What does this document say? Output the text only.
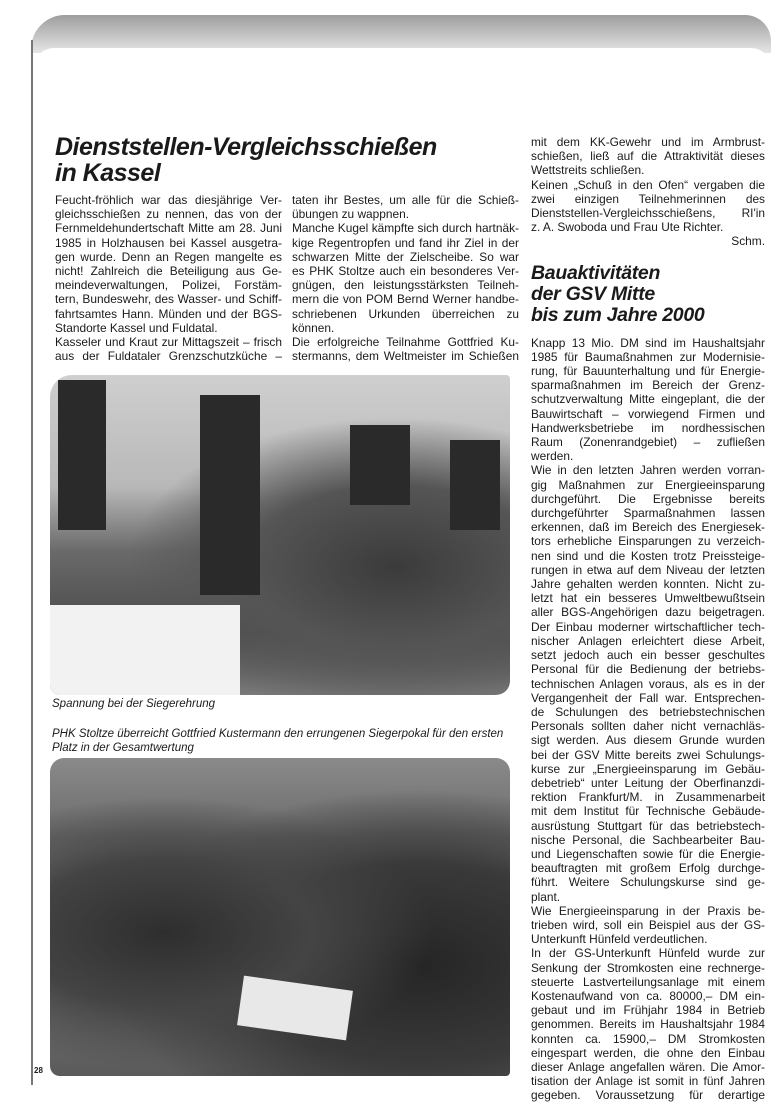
Dienststellen-Vergleichsschießen
in Kassel
Feucht-fröhlich war das diesjährige Ver-
gleichsschießen zu nennen, das von der
Fernmeldehundertschaft Mitte am 28. Juni
1985 in Holzhausen bei Kassel ausgetra-
gen wurde. Denn an Regen mangelte es
nicht! Zahlreich die Beteiligung aus Ge-
meindeverwaltungen, Polizei, Forstäm-
tern, Bundeswehr, des Wasser- und Schiff-
fahrtsamtes Hann. Münden und der BGS-
Standorte Kassel und Fuldatal.
Kasseler und Kraut zur Mittagszeit – frisch
aus der Fuldataler Grenzschutzküche –
taten ihr Bestes, um alle für die Schieß-
übungen zu wappnen.
Manche Kugel kämpfte sich durch hartnäk-
kige Regentropfen und fand ihr Ziel in der
schwarzen Mitte der Zielscheibe. So war
es PHK Stoltze auch ein besonderes Ver-
gnügen, den leistungsstärksten Teilneh-
mern die von POM Bernd Werner handbe-
schriebenen Urkunden überreichen zu
können.
Die erfolgreiche Teilnahme Gottfried Ku-
stermanns, dem Weltmeister im Schießen
mit dem KK-Gewehr und im Armbrust-
schießen, ließ auf die Attraktivität dieses
Wettstreits schließen.
Keinen „Schuß in den Ofen“ vergaben die
zwei einzigen Teilnehmerinnen des
Dienststellen-Vergleichsschießens, RI'in
z. A. Swoboda und Frau Ute Richter.
Schm.
Bauaktivitäten
der GSV Mitte
bis zum Jahre 2000
Knapp 13 Mio. DM sind im Haushaltsjahr
1985 für Baumaßnahmen zur Modernisie-
rung, für Bauunterhaltung und für Energie-
sparmaßnahmen im Bereich der Grenz-
schutzverwaltung Mitte eingeplant, die der
Bauwirtschaft – vorwiegend Firmen und
Handwerksbetriebe im nordhessischen
Raum (Zonenrandgebiet) – zufließen
werden.
Wie in den letzten Jahren werden vorran-
gig Maßnahmen zur Energieeinsparung
durchgeführt. Die Ergebnisse bereits
durchgeführter Sparmaßnahmen lassen
erkennen, daß im Bereich des Energiesek-
tors erhebliche Einsparungen zu verzeich-
nen sind und die Kosten trotz Preissteige-
rungen in etwa auf dem Niveau der letzten
Jahre gehalten werden konnten. Nicht zu-
letzt hat ein besseres Umweltbewußtsein
aller BGS-Angehörigen dazu beigetragen.
Der Einbau moderner wirtschaftlicher tech-
nischer Anlagen erleichtert diese Arbeit,
setzt jedoch auch ein besser geschultes
Personal für die Bedienung der betriebs-
technischen Anlagen voraus, als es in der
Vergangenheit der Fall war. Entsprechen-
de Schulungen des betriebstechnischen
Personals sollten daher nicht vernachläs-
sigt werden. Aus diesem Grunde wurden
bei der GSV Mitte bereits zwei Schulungs-
kurse zur „Energieeinsparung im Gebäu-
debetrieb“ unter Leitung der Oberfinanzdi-
rektion Frankfurt/M. in Zusammenarbeit
mit dem Institut für Technische Gebäude-
ausrüstung Stuttgart für das betriebstech-
nische Personal, die Sachbearbeiter Bau-
und Liegenschaften sowie für die Energie-
beauftragten mit großem Erfolg durchge-
führt. Weitere Schulungskurse sind ge-
plant.
Wie Energieeinsparung in der Praxis be-
trieben wird, soll ein Beispiel aus der GS-
Unterkunft Hünfeld verdeutlichen.
In der GS-Unterkunft Hünfeld wurde zur
Senkung der Stromkosten eine rechnerge-
steuerte Lastverteilungsanlage mit einem
Kostenaufwand von ca. 80000,– DM ein-
gebaut und im Frühjahr 1984 in Betrieb
genommen. Bereits im Haushaltsjahr 1984
konnten ca. 15900,– DM Stromkosten
eingespart werden, die ohne den Einbau
dieser Anlage angefallen wären. Die Amor-
tisation der Anlage ist somit in fünf Jahren
gegeben. Voraussetzung für derartige
Spannung bei der Siegerehrung
PHK Stoltze überreicht Gottfried Kustermann den errungenen Siegerpokal für den ersten
Platz in der Gesamtwertung
28
